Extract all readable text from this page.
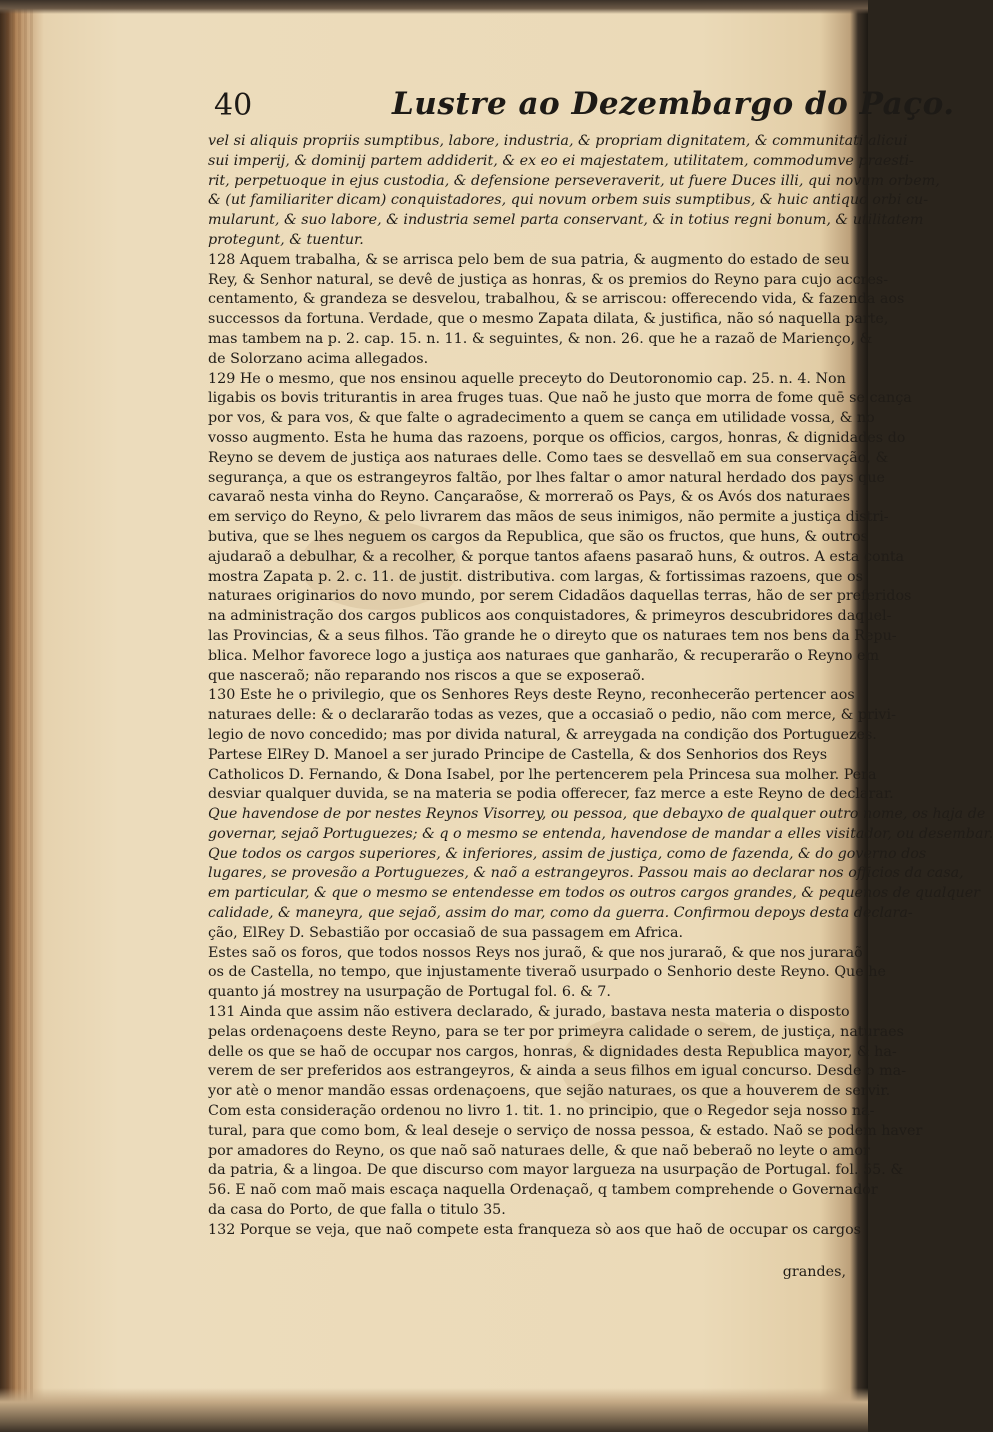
40	Lustre ao Dezembargo do Paço.
vel si aliquis propriis sumptibus, labore, industria, & propriam dignitatem, & communitati alicui
sui imperij, & dominij partem addiderit, & ex eo ei majestatem, utilitatem, commodumve praesti-
rit, perpetuoque in ejus custodia, & defensione perseveraverit, ut fuere Duces illi, qui novum orbem,
& (ut familiariter dicam) conquistadores, qui novum orbem suis sumptibus, & huic antiquo orbi cu-
mularunt, & suo labore, & industria semel parta conservant, & in totius regni bonum, & utilitatem
protegunt, & tuentur.
128 Aquem trabalha, & se arrisca pelo bem de sua patria, & augmento do estado de seu
Rey, & Senhor natural, se devê de justiça as honras, & os premios do Reyno para cujo accres-
centamento, & grandeza se desvelou, trabalhou, & se arriscou: offerecendo vida, & fazenda aos
successos da fortuna. Verdade, que o mesmo Zapata dilata, & justifica, não só naquella parte,
mas tambem na p. 2. cap. 15. n. 11. & seguintes, & non. 26. que he a razaõ de Marienço, &
de Solorzano acima allegados.
129 He o mesmo, que nos ensinou aquelle preceyto do Deutoronomio cap. 25. n. 4. Non
ligabis os bovis triturantis in area fruges tuas. Que naõ he justo que morra de fome quē se cança
por vos, & para vos, & que falte o agradecimento a quem se cança em utilidade vossa, & no
vosso augmento. Esta he huma das razoens, porque os officios, cargos, honras, & dignidades do
Reyno se devem de justiça aos naturaes delle. Como taes se desvellaõ em sua conservação, &
segurança, a que os estrangeyros faltão, por lhes faltar o amor natural herdado dos pays que
cavaraõ nesta vinha do Reyno. Cançaraõse, & morreraõ os Pays, & os Avós dos naturaes
em serviço do Reyno, & pelo livrarem das mãos de seus inimigos, não permite a justiça distri-
butiva, que se lhes neguem os cargos da Republica, que são os fructos, que huns, & outros
ajudaraõ a debulhar, & a recolher, & porque tantos afaens pasaraõ huns, & outros. A esta conta
mostra Zapata p. 2. c. 11. de justit. distributiva. com largas, & fortissimas razoens, que os
naturaes originarios do novo mundo, por serem Cidadãos daquellas terras, hão de ser preferidos
na administração dos cargos publicos aos conquistadores, & primeyros descubridores daquel-
las Provincias, & a seus filhos. Tão grande he o direyto que os naturaes tem nos bens da Repu-
blica. Melhor favorece logo a justiça aos naturaes que ganharão, & recuperarão o Reyno em
que nasceraõ; não reparando nos riscos a que se exposeraõ.
130 Este he o privilegio, que os Senhores Reys deste Reyno, reconhecerão pertencer aos
naturaes delle: & o declararão todas as vezes, que a occasiaõ o pedio, não com merce, & privi-
legio de novo concedido; mas por divida natural, & arreygada na condição dos Portuguezes.
Partese ElRey D. Manoel a ser jurado Principe de Castella, & dos Senhorios dos Reys
Catholicos D. Fernando, & Dona Isabel, por lhe pertencerem pela Princesa sua molher. Pera
desviar qualquer duvida, se na materia se podia offerecer, faz merce a este Reyno de declarar.
Que havendose de por nestes Reynos Visorrey, ou pessoa, que debayxo de qualquer outro nome, os haja de
governar, sejaõ Portuguezes; & q o mesmo se entenda, havendose de mandar a elles visitador, ou desembar.
Que todos os cargos superiores, & inferiores, assim de justiça, como de fazenda, & do governo dos
lugares, se provesão a Portuguezes, & naõ a estrangeyros. Passou mais ao declarar nos officios da casa,
em particular, & que o mesmo se entendesse em todos os outros cargos grandes, & pequenos de qualquer
calidade, & maneyra, que sejaõ, assim do mar, como da guerra. Confirmou depoys desta declara-
ção, ElRey D. Sebastião por occasiaõ de sua passagem em Africa.
Estes saõ os foros, que todos nossos Reys nos juraõ, & que nos juraraõ, & que nos juraraõ
os de Castella, no tempo, que injustamente tiveraõ usurpado o Senhorio deste Reyno. Que he
quanto já mostrey na usurpação de Portugal fol. 6. & 7.
131 Ainda que assim não estivera declarado, & jurado, bastava nesta materia o disposto
pelas ordenaçoens deste Reyno, para se ter por primeyra calidade o serem, de justiça, naturaes
delle os que se haõ de occupar nos cargos, honras, & dignidades desta Republica mayor, & ha-
verem de ser preferidos aos estrangeyros, & ainda a seus filhos em igual concurso. Desde o ma-
yor atè o menor mandão essas ordenaçoens, que sejão naturaes, os que a houverem de servir.
Com esta consideração ordenou no livro 1. tit. 1. no principio, que o Regedor seja nosso na-
tural, para que como bom, & leal deseje o serviço de nossa pessoa, & estado. Naõ se podem haver
por amadores do Reyno, os que naõ saõ naturaes delle, & que naõ beberaõ no leyte o amor
da patria, & a lingoa. De que discurso com mayor largueza na usurpação de Portugal. fol. 55. &
56. E naõ com maõ mais escaça naquella Ordenaçaõ, q tambem comprehende o Governador
da casa do Porto, de que falla o titulo 35.
132 Porque se veja, que naõ compete esta franqueza sò aos que haõ de occupar os cargos
grandes,
